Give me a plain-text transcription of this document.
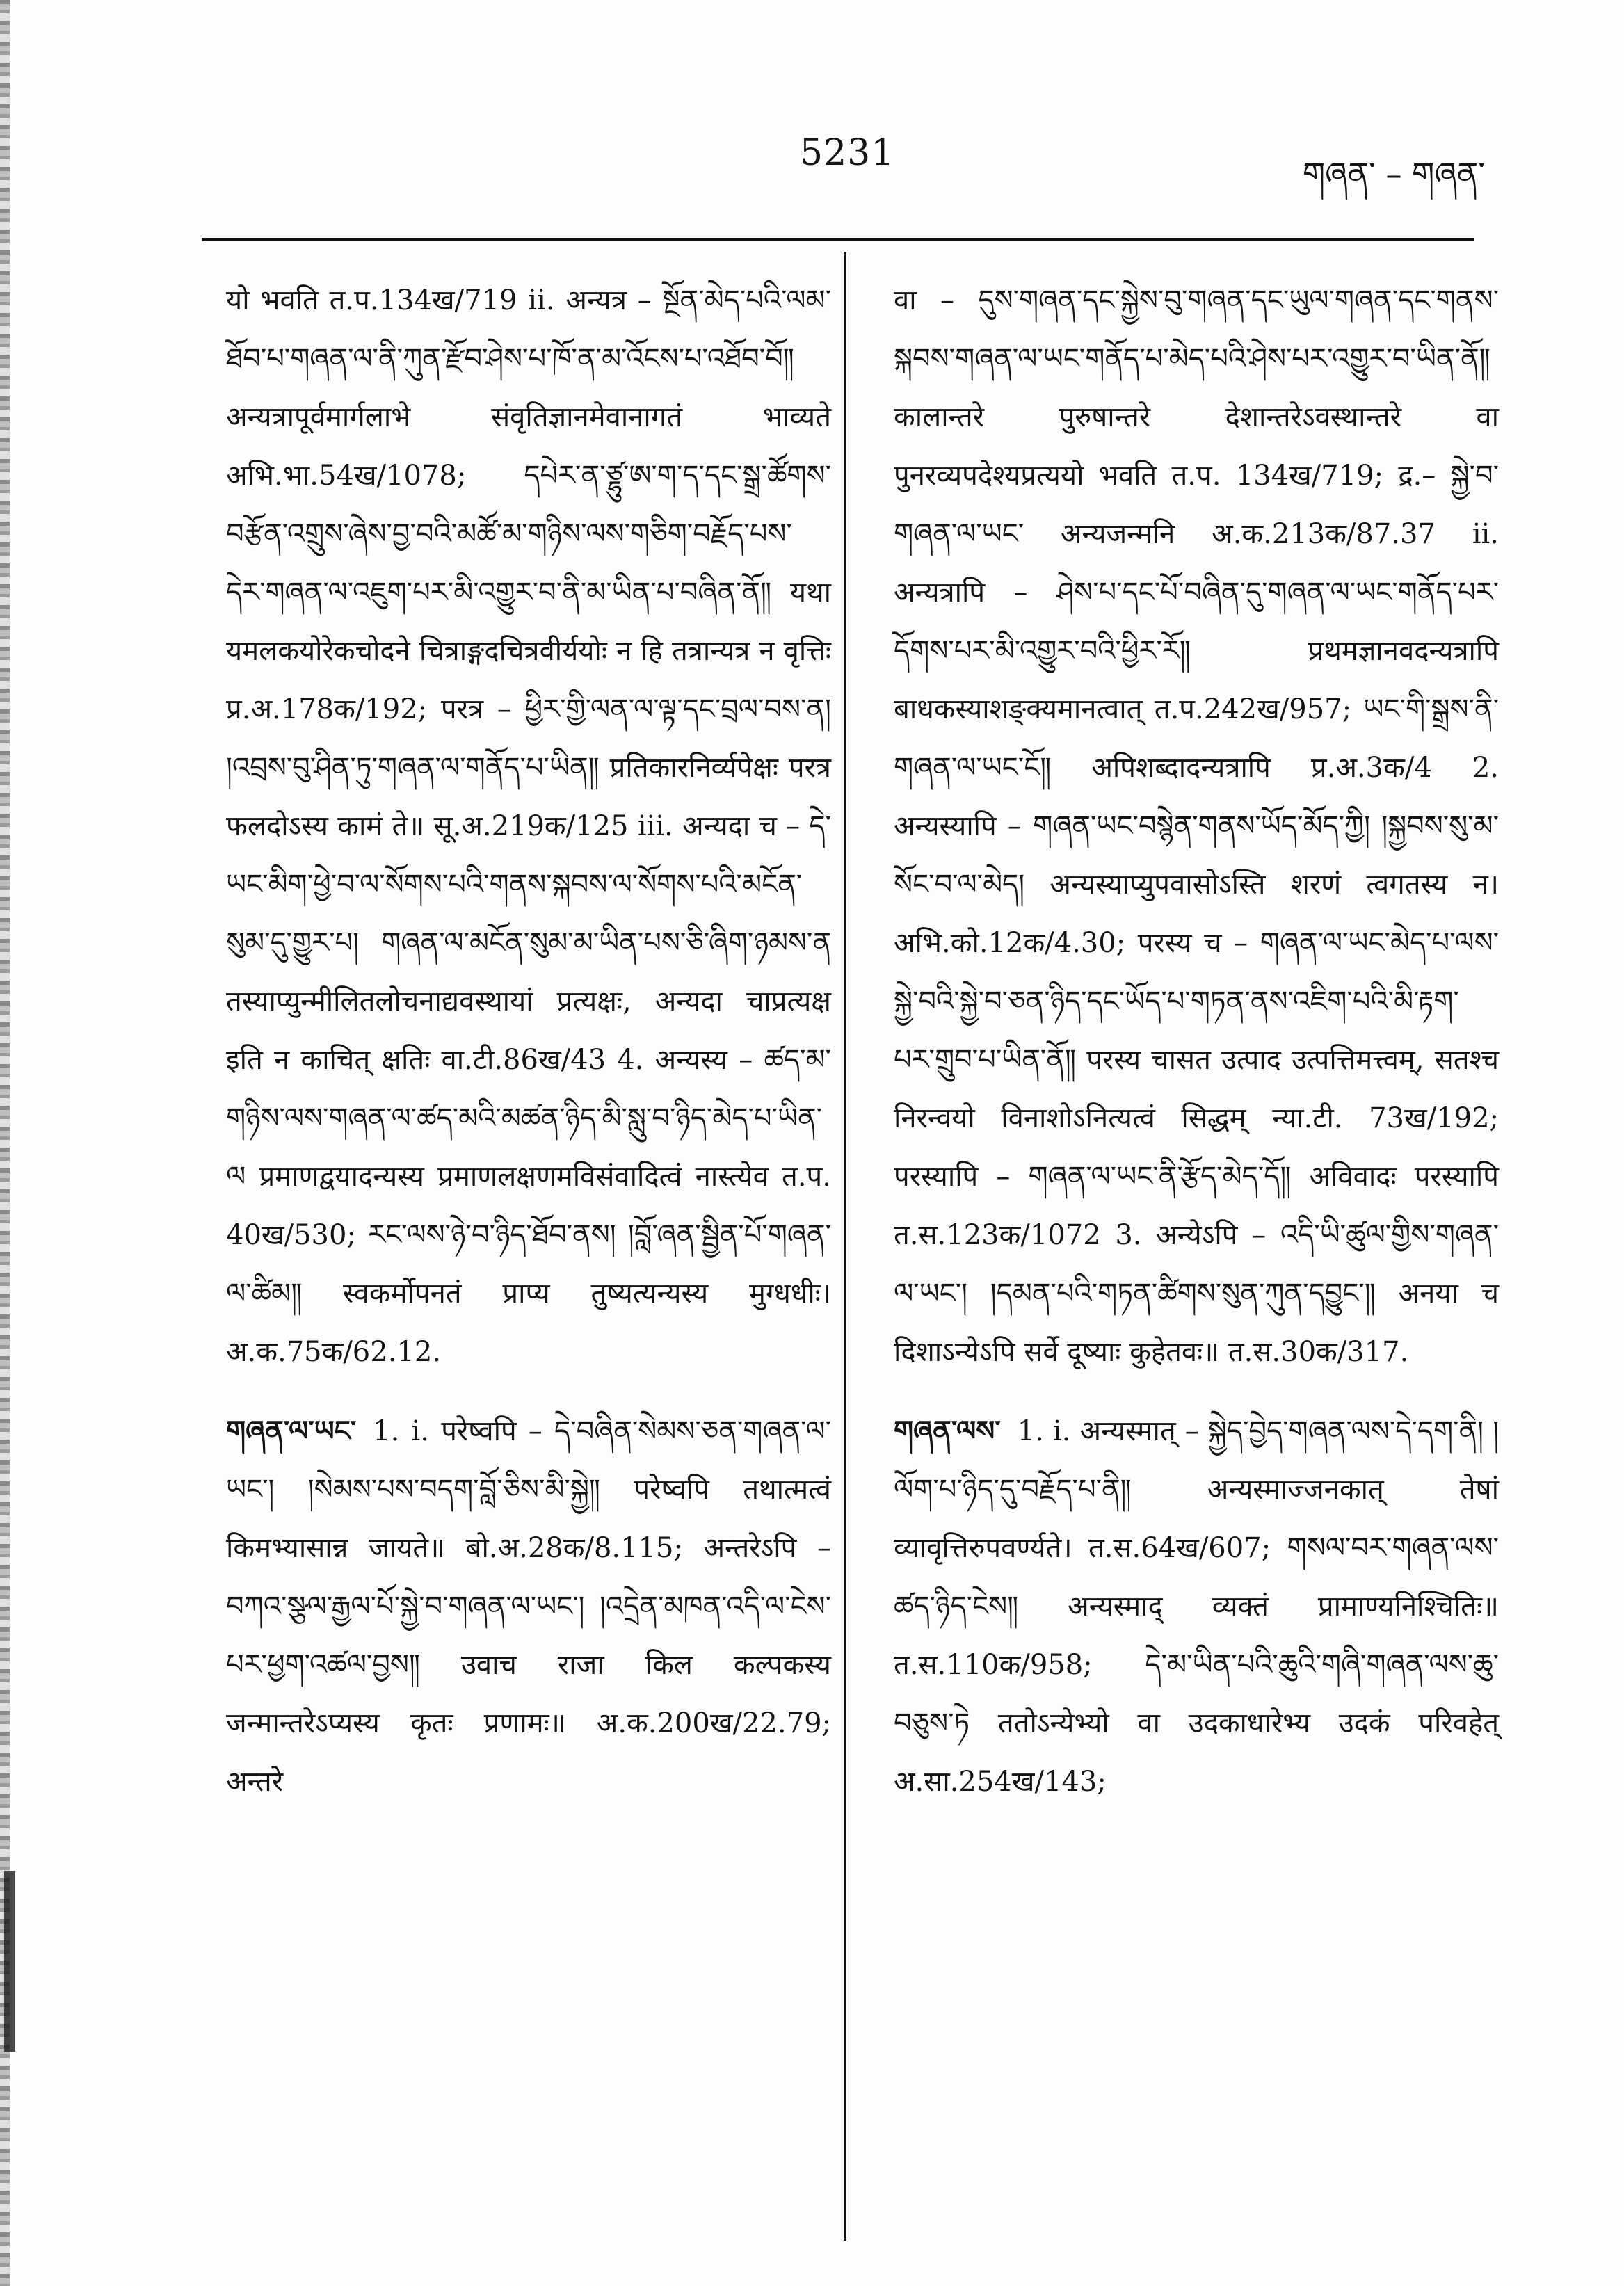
5231	གཞན་ – གཞན་

यो भवति त.प.134ख/719 ii. अन्यत्र – སྔོན་མེད་པའི་ལམ་ཐོབ་པ་གཞན་ལ་ནི་ཀུན་རྫོབ་ཤེས་པ་ཁོ་ན་མ་འོངས་པ་འཐོབ་བོ༎ अन्यत्रापूर्वमार्गलाभे संवृतिज्ञानमेवानागतं भाव्यते अभि.भा.54ख/1078; དཔེར་ན་ཙྷུ་ཨ་ག་ད་དང་སྒྲ་ཚོགས་བརྩོན་འགྲུས་ཞེས་བྱ་བའི་མཚོ་མ་གཉིས་ལས་གཅིག་བརྗོད་པས་དེར་གཞན་ལ་འཇུག་པར་མི་འགྱུར་བ་ནི་མ་ཡིན་པ་བཞིན་ནོ༎ यथा यमलकयोरेकचोदने चित्राङ्गदचित्रवीर्ययोः न हि तत्रान्यत्र न वृत्तिः प्र.अ.178क/192; परत्र – ཕྱིར་གྱི་ལན་ལ་ལྟ་དང་བྲལ་བས་ན། །འབྲས་བུ་ཤིན་ཏུ་གཞན་ལ་གནོད་པ་ཡིན༎ प्रतिकारनिर्व्यपेक्षः परत्र फलदोऽस्य कामं ते॥ सू.अ.219क/125 iii. अन्यदा च – དེ་ཡང་མིག་ཕྱེ་བ་ལ་སོགས་པའི་གནས་སྐབས་ལ་སོགས་པའི་མངོན་སུམ་དུ་གྱུར་པ། གཞན་ལ་མངོན་སུམ་མ་ཡིན་པས་ཅི་ཞིག་ཉམས་ན तस्याप्युन्मीलितलोचनाद्यवस्थायां प्रत्यक्षः, अन्यदा चाप्रत्यक्ष इति न काचित् क्षतिः वा.टी.86ख/43 4. अन्यस्य – ཚད་མ་གཉིས་ལས་གཞན་ལ་ཚད་མའི་མཚན་ཉིད་མི་སླུ་བ་ཉིད་མེད་པ་ཡིན་ལ प्रमाणद्वयादन्यस्य प्रमाणलक्षणमविसंवादित्वं नास्त्येव त.प. 40ख/530; རང་ལས་ཉེ་བ་ཉིད་ཐོབ་ནས། །བློ་ཞན་སྦྱིན་པོ་གཞན་ལ་ཚིམ༎ स्वकर्मोपनतं प्राप्य तुष्यत्यन्यस्य मुग्धधीः। अ.क.75क/62.12.

གཞན་ལ་ཡང་ 1. i. परेष्वपि – དེ་བཞིན་སེམས་ཅན་གཞན་ལ་ཡང་། །སེམས་པས་བདག་བློ་ཅིས་མི་སྐྱེ༎ परेष्वपि तथात्मत्वं किमभ्यासान्न जायते॥ बो.अ.28क/8.115; अन्तरेऽपि – བཀའ་སྩལ་རྒྱལ་པོ་སྐྱེ་བ་གཞན་ལ་ཡང་། །འདྲེན་མཁན་འདི་ལ་ངེས་པར་ཕྱག་འཚལ་བྱས༎ उवाच राजा किल कल्पकस्य जन्मान्तरेऽप्यस्य कृतः प्रणामः॥ अ.क.200ख/22.79; अन्तरे

वा – དུས་གཞན་དང་སྐྱེས་བུ་གཞན་དང་ཡུལ་གཞན་དང་གནས་སྐབས་གཞན་ལ་ཡང་གནོད་པ་མེད་པའི་ཤེས་པར་འགྱུར་བ་ཡིན་ནོ༎ कालान्तरे पुरुषान्तरे देशान्तरेऽवस्थान्तरे वा पुनरव्यपदेश्यप्रत्ययो भवति त.प. 134ख/719; द्र.– སྐྱེ་བ་གཞན་ལ་ཡང་ अन्यजन्मनि अ.क.213क/87.37 ii. अन्यत्रापि – ཤེས་པ་དང་པོ་བཞིན་དུ་གཞན་ལ་ཡང་གནོད་པར་དོགས་པར་མི་འགྱུར་བའི་ཕྱིར་རོ༎ प्रथमज्ञानवदन्यत्रापि बाधकस्याशङ्क्यमानत्वात् त.प.242ख/957; ཡང་གི་སྒྲས་ནི་གཞན་ལ་ཡང་ངོ༎ अपिशब्दादन्यत्रापि प्र.अ.3क/4 2. अन्यस्यापि – གཞན་ཡང་བསྙེན་གནས་ཡོད་མོད་ཀྱི། །སྐྱབས་སུ་མ་སོང་བ་ལ་མེད། अन्यस्याप्युपवासोऽस्ति शरणं त्वगतस्य न। अभि.को.12क/4.30; परस्य च – གཞན་ལ་ཡང་མེད་པ་ལས་སྐྱེ་བའི་སྐྱེ་བ་ཅན་ཉིད་དང་ཡོད་པ་གཏན་ནས་འཇིག་པའི་མི་རྟག་པར་གྲུབ་པ་ཡིན་ནོ༎ परस्य चासत उत्पाद उत्पत्तिमत्त्वम्, सतश्च निरन्वयो विनाशोऽनित्यत्वं सिद्धम् न्या.टी. 73ख/192; परस्यापि – གཞན་ལ་ཡང་ནི་རྩོད་མེད་དོ༎ अविवादः परस्यापि त.स.123क/1072 3. अन्येऽपि – འདི་ཡི་ཚུལ་གྱིས་གཞན་ལ་ཡང་། །དམན་པའི་གཏན་ཚིགས་སུན་ཀུན་དབྱུང་༎ अनया च दिशाऽन्येऽपि सर्वे दूष्याः कुहेतवः॥ त.स.30क/317.

གཞན་ལས་ 1. i. अन्यस्मात् – སྐྱེད་བྱེད་གཞན་ལས་དེ་དག་ནི། །ལོག་པ་ཉིད་དུ་བརྗོད་པ་ནི༎ अन्यस्माज्जनकात् तेषां व्यावृत्तिरुपवर्ण्यते। त.स.64ख/607; གསལ་བར་གཞན་ལས་ཚད་ཉིད་ངེས༎ अन्यस्माद् व्यक्तं प्रामाण्यनिश्चितिः॥ त.स.110क/958; དེ་མ་ཡིན་པའི་ཆུའི་གཞི་གཞན་ལས་ཆུ་བཅུས་ཏེ ततोऽन्येभ्यो वा उदकाधारेभ्य उदकं परिवहेत् अ.सा.254ख/143;
